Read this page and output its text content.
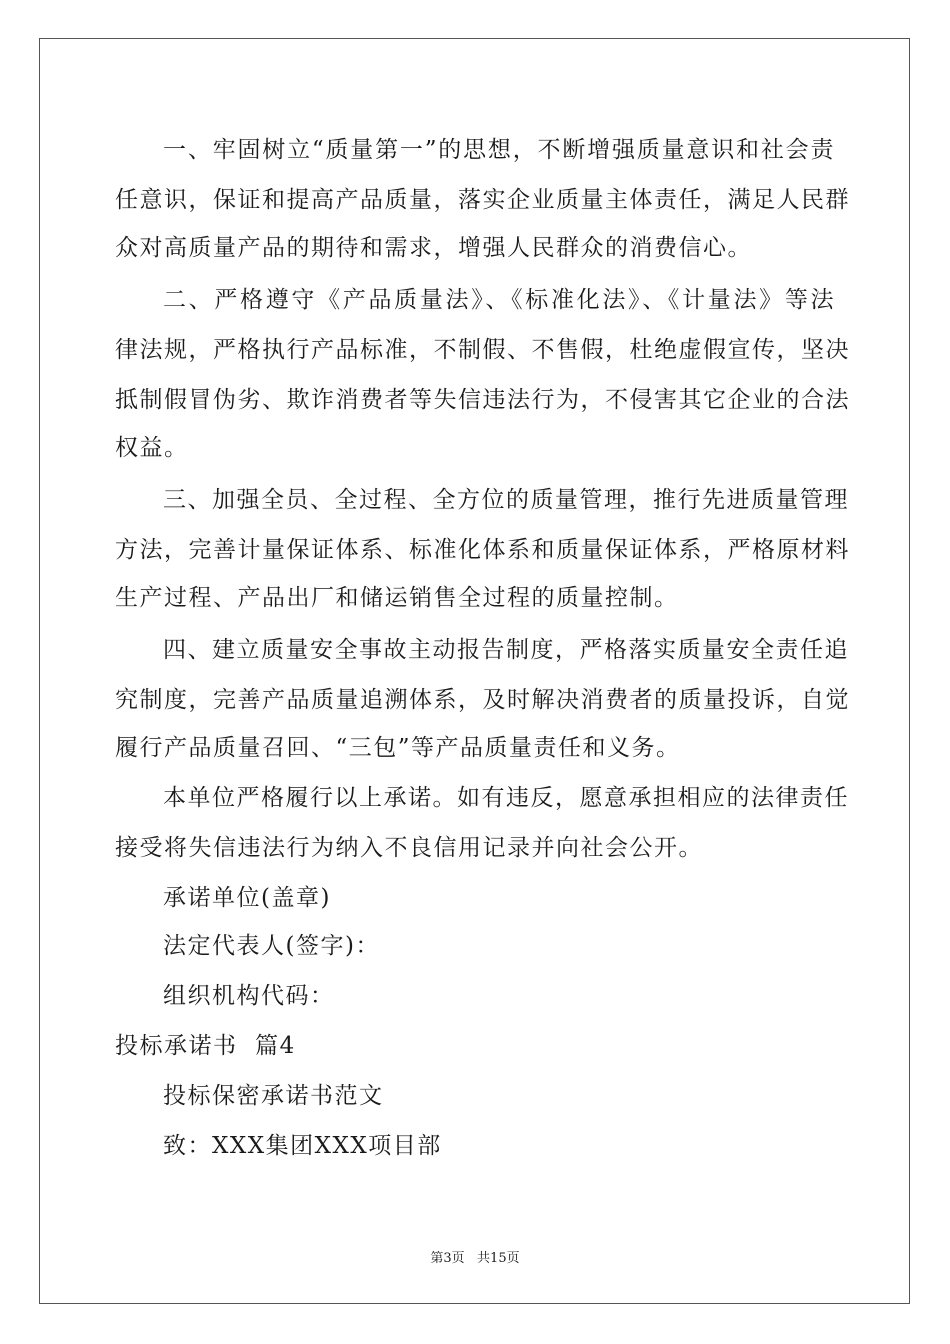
一、牢固树立“质量第一”的思想，不断增强质量意识和社会责
任意识，保证和提高产品质量，落实企业质量主体责任，满足人民群
众对高质量产品的期待和需求，增强人民群众的消费信心。
二、严格遵守《产品质量法》、《标准化法》、《计量法》等法
律法规，严格执行产品标准，不制假、不售假，杜绝虚假宣传，坚决
抵制假冒伪劣、欺诈消费者等失信违法行为，不侵害其它企业的合法
权益。
三、加强全员、全过程、全方位的质量管理，推行先进质量管理
方法，完善计量保证体系、标准化体系和质量保证体系，严格原材料
生产过程、产品出厂和储运销售全过程的质量控制。
四、建立质量安全事故主动报告制度，严格落实质量安全责任追
究制度，完善产品质量追溯体系，及时解决消费者的质量投诉，自觉
履行产品质量召回、“三包”等产品质量责任和义务。
本单位严格履行以上承诺。如有违反，愿意承担相应的法律责任
接受将失信违法行为纳入不良信用记录并向社会公开。
承诺单位(盖章)
法定代表人(签字)：
组织机构代码：
投标承诺书  篇4
投标保密承诺书范文
致：XXX集团XXX项目部
第3页   共15页
